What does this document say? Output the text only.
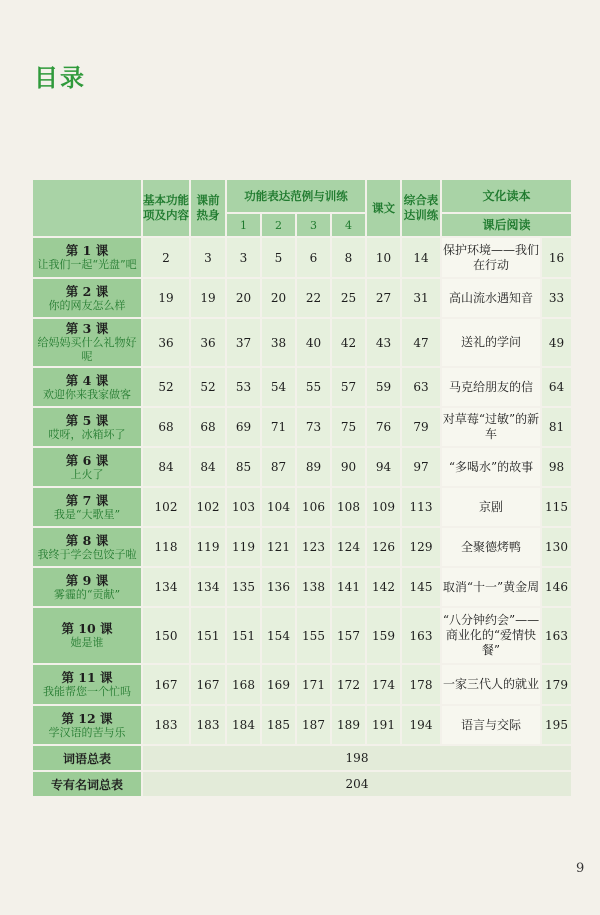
目录
	基本功能项及内容	课前热身	功能表达范例与训练				课文	综合表达训练	文化读本	
			1	2	3	4			课后阅读	

第 1 课
让我们一起“光盘”吧	2	3	3	5	6	8	10	14	保护环境——我们在行动	16

第 2 课
你的网友怎么样	19	19	20	20	22	25	27	31	高山流水遇知音	33

第 3 课
给妈妈买什么礼物好呢	36	36	37	38	40	42	43	47	送礼的学问	49

第 4 课
欢迎你来我家做客	52	52	53	54	55	57	59	63	马克给朋友的信	64

第 5 课
哎呀，冰箱坏了	68	68	69	71	73	75	76	79	对草莓“过敏”的新车	81

第 6 课
上火了	84	84	85	87	89	90	94	97	“多喝水”的故事	98

第 7 课
我是“大歌星”	102	102	103	104	106	108	109	113	京剧	115

第 8 课
我终于学会包饺子啦	118	119	119	121	123	124	126	129	全聚德烤鸭	130

第 9 课
雾霾的“贡献”	134	134	135	136	138	141	142	145	取消“十一”黄金周	146

第 10 课
她是谁	150	151	151	154	155	157	159	163	“八分钟约会”——商业化的“爱情快餐”	163

第 11 课
我能帮您一个忙吗	167	167	168	169	171	172	174	178	一家三代人的就业	179

第 12 课
学汉语的苦与乐	183	183	184	185	187	189	191	194	语言与交际	195
词语总表	198									
专有名词总表	204									
9
